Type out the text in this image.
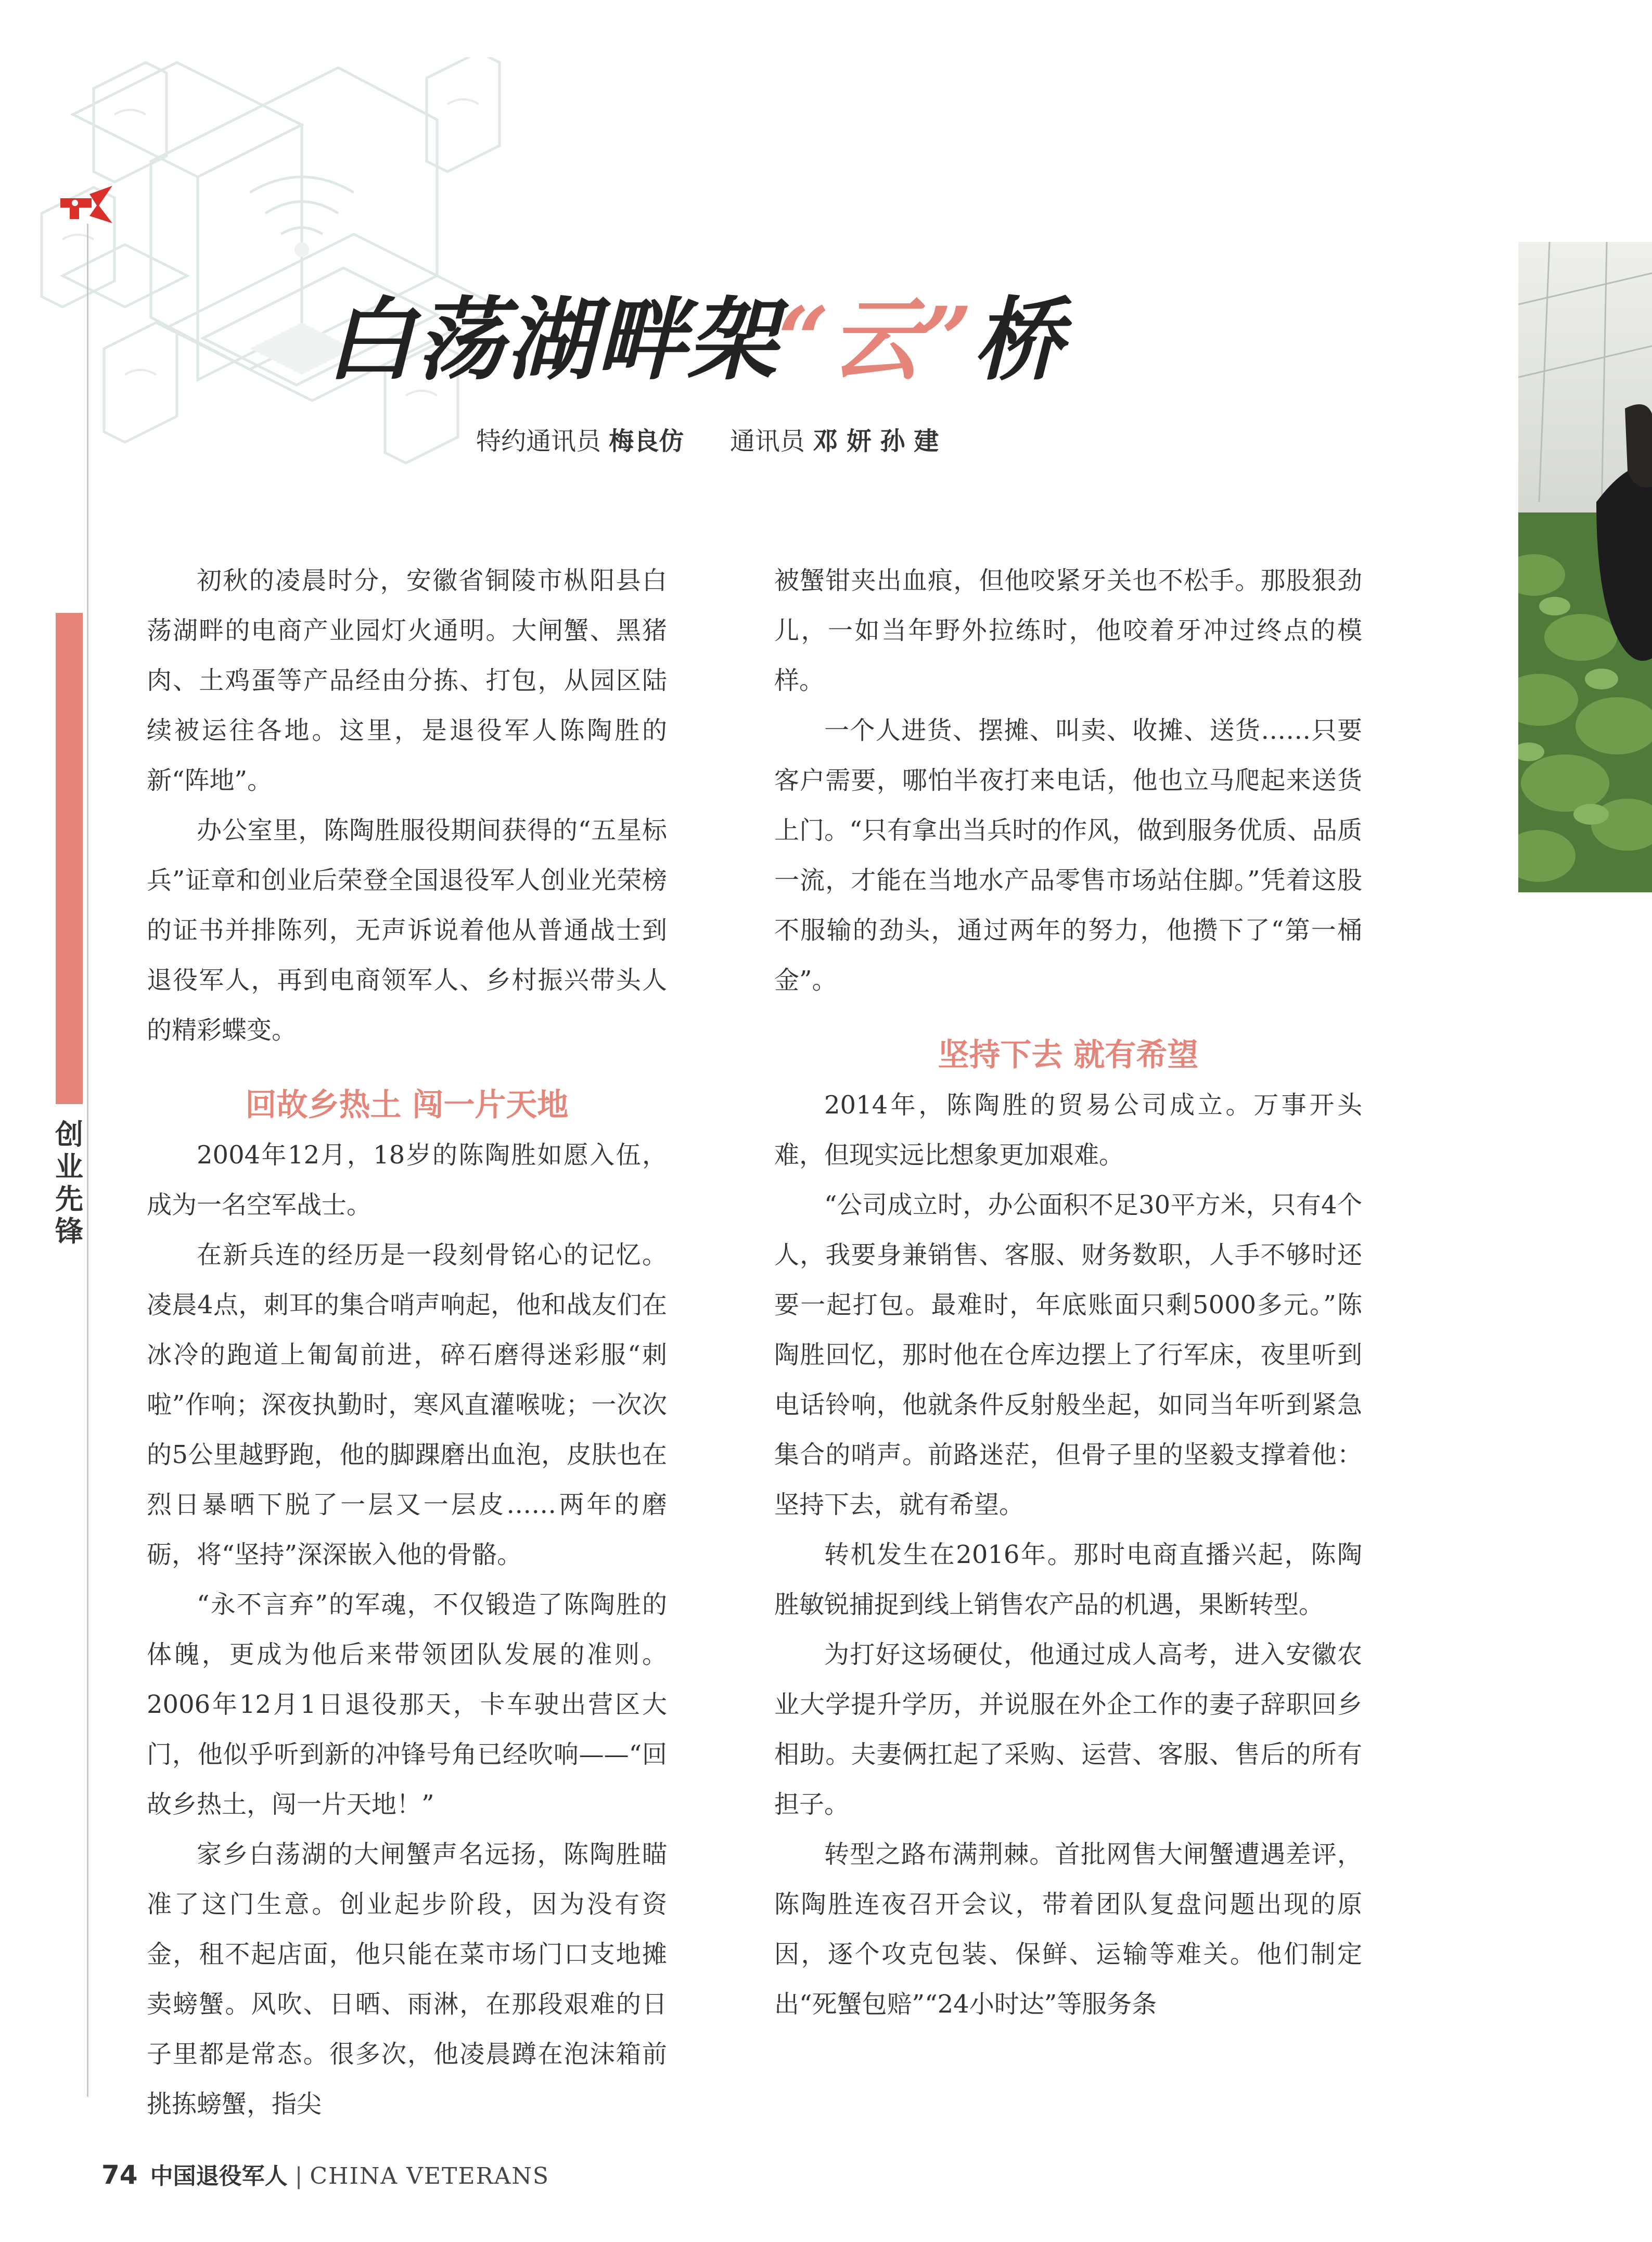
创
业
先
锋
白荡湖畔架“云”桥
特约通讯员 梅良仿 通讯员 邓 妍 孙 建

初秋的凌晨时分，安徽省铜陵市枞阳县白荡湖畔的电商产业园灯火通明。大闸蟹、黑猪肉、土鸡蛋等产品经由分拣、打包，从园区陆续被运往各地。这里，是退役军人陈陶胜的新“阵地”。

办公室里，陈陶胜服役期间获得的“五星标兵”证章和创业后荣登全国退役军人创业光荣榜的证书并排陈列，无声诉说着他从普通战士到退役军人，再到电商领军人、乡村振兴带头人的精彩蝶变。

回故乡热土 闯一片天地

2004年12月，18岁的陈陶胜如愿入伍，成为一名空军战士。

在新兵连的经历是一段刻骨铭心的记忆。凌晨4点，刺耳的集合哨声响起，他和战友们在冰冷的跑道上匍匐前进，碎石磨得迷彩服“刺啦”作响；深夜执勤时，寒风直灌喉咙；一次次的5公里越野跑，他的脚踝磨出血泡，皮肤也在烈日暴晒下脱了一层又一层皮……两年的磨砺，将“坚持”深深嵌入他的骨骼。

“永不言弃”的军魂，不仅锻造了陈陶胜的体魄，更成为他后来带领团队发展的准则。2006年12月1日退役那天，卡车驶出营区大门，他似乎听到新的冲锋号角已经吹响——“回故乡热土，闯一片天地！”

家乡白荡湖的大闸蟹声名远扬，陈陶胜瞄准了这门生意。创业起步阶段，因为没有资金，租不起店面，他只能在菜市场门口支地摊卖螃蟹。风吹、日晒、雨淋，在那段艰难的日子里都是常态。很多次，他凌晨蹲在泡沫箱前挑拣螃蟹，指尖

被蟹钳夹出血痕，但他咬紧牙关也不松手。那股狠劲儿，一如当年野外拉练时，他咬着牙冲过终点的模样。

一个人进货、摆摊、叫卖、收摊、送货……只要客户需要，哪怕半夜打来电话，他也立马爬起来送货上门。“只有拿出当兵时的作风，做到服务优质、品质一流，才能在当地水产品零售市场站住脚。”凭着这股不服输的劲头，通过两年的努力，他攒下了“第一桶金”。

坚持下去 就有希望

2014年，陈陶胜的贸易公司成立。万事开头难，但现实远比想象更加艰难。

“公司成立时，办公面积不足30平方米，只有4个人，我要身兼销售、客服、财务数职，人手不够时还要一起打包。最难时，年底账面只剩5000多元。”陈陶胜回忆，那时他在仓库边摆上了行军床，夜里听到电话铃响，他就条件反射般坐起，如同当年听到紧急集合的哨声。前路迷茫，但骨子里的坚毅支撑着他：坚持下去，就有希望。

转机发生在2016年。那时电商直播兴起，陈陶胜敏锐捕捉到线上销售农产品的机遇，果断转型。

为打好这场硬仗，他通过成人高考，进入安徽农业大学提升学历，并说服在外企工作的妻子辞职回乡相助。夫妻俩扛起了采购、运营、客服、售后的所有担子。

转型之路布满荆棘。首批网售大闸蟹遭遇差评，陈陶胜连夜召开会议，带着团队复盘问题出现的原因，逐个攻克包装、保鲜、运输等难关。他们制定出“死蟹包赔”“24小时达”等服务条

74 中国退役军人 | CHINA VETERANS
